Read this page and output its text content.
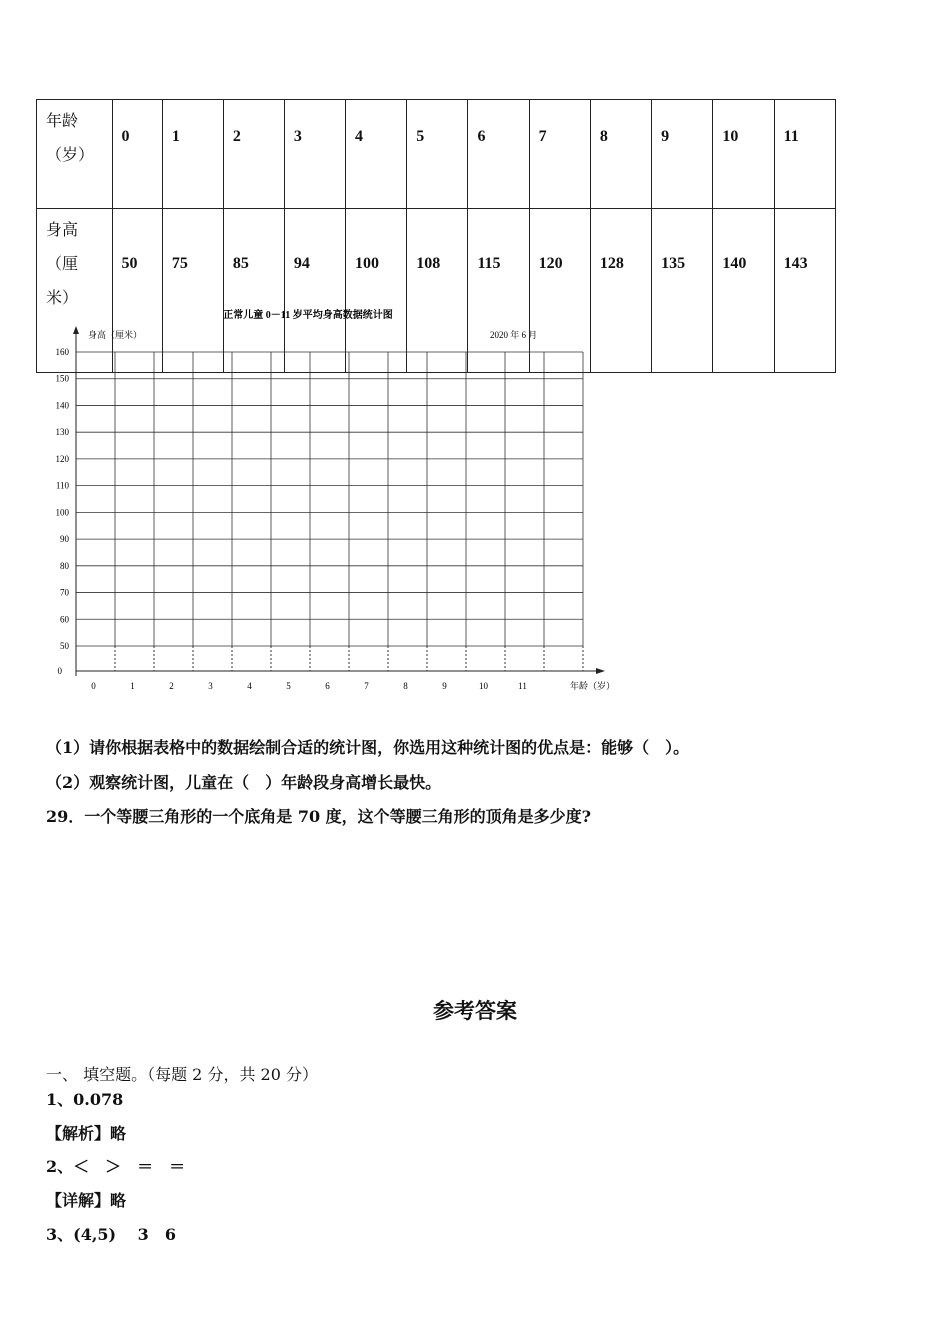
年龄
（岁）	0	1	2	3	4	5	6	7	8	9	10	11

身高
（厘
米）	50	75	85	94	100	108	115	120	128	135	140	143
正常儿童 0－11 岁平均身高数据统计图
身高（厘米）	2020 年 6 月
0
50
60
70
80
90
100
110
120
130
140
150
160
0	1	2	3	4	5	6	7	8	9	10	11	年龄（岁）
（1）请你根据表格中的数据绘制合适的统计图，你选用这种统计图的优点是：能够（　）。
（2）观察统计图，儿童在（　）年龄段身高增长最快。
29．一个等腰三角形的一个底角是 70 度，这个等腰三角形的顶角是多少度?
参考答案
一、 填空题。（每题 2 分，共 20 分）
1、0.078
【解析】略
2、＜　＞　＝　＝
【详解】略
3、(4,5)　 3　6
